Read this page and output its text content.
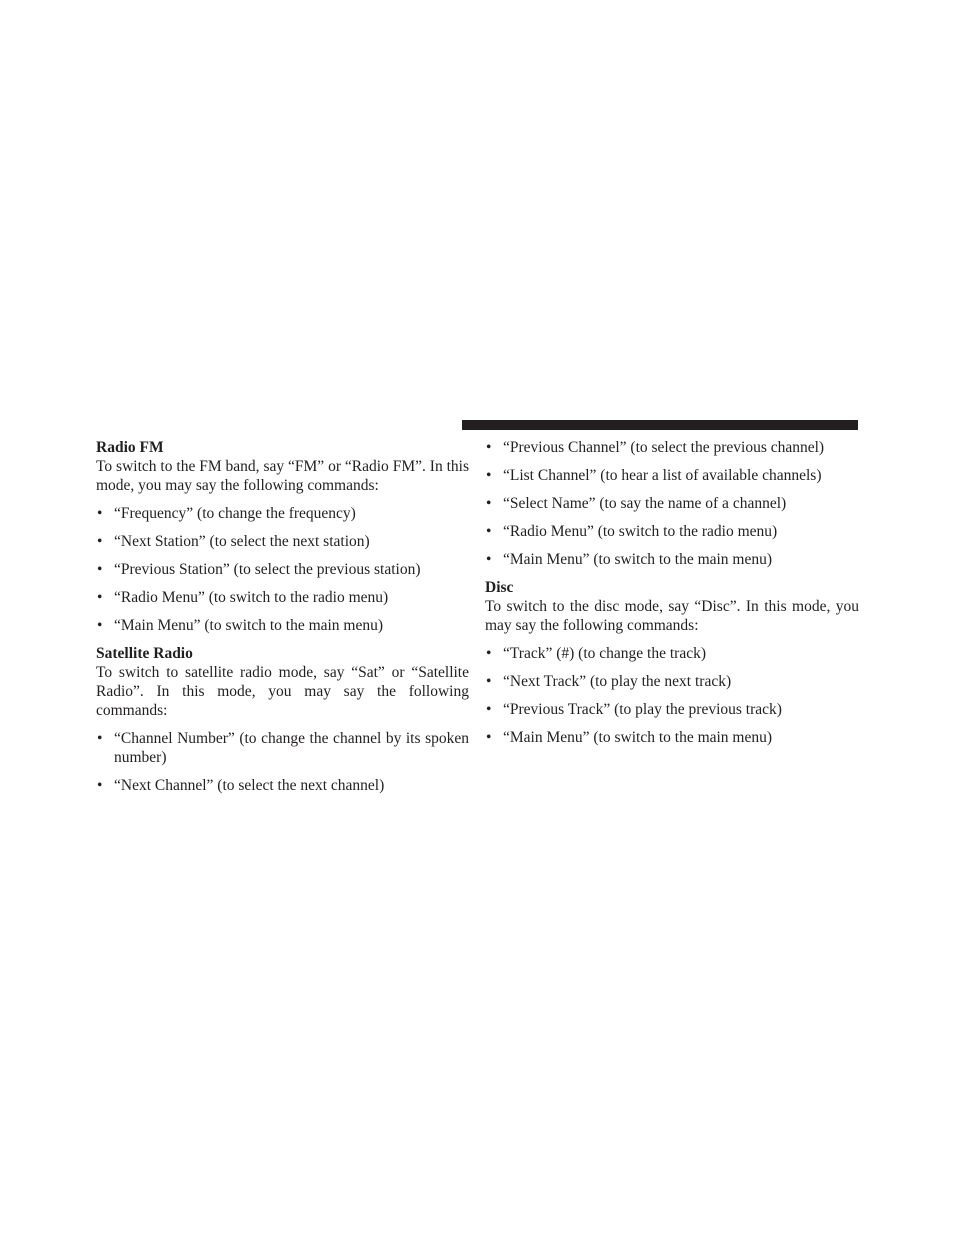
Radio FM

To switch to the FM band, say “FM” or “Radio FM”. In this mode, you may say the following commands:

• “Frequency” (to change the frequency)
• “Next Station” (to select the next station)
• “Previous Station” (to select the previous station)
• “Radio Menu” (to switch to the radio menu)
• “Main Menu” (to switch to the main menu)

Satellite Radio

To switch to satellite radio mode, say “Sat” or “Satellite Radio”. In this mode, you may say the following commands:

• “Channel Number” (to change the channel by its spoken number)
• “Next Channel” (to select the next channel)
• “Previous Channel” (to select the previous channel)
• “List Channel” (to hear a list of available channels)
• “Select Name” (to say the name of a channel)
• “Radio Menu” (to switch to the radio menu)
• “Main Menu” (to switch to the main menu)

Disc

To switch to the disc mode, say “Disc”. In this mode, you may say the following commands:

• “Track” (#) (to change the track)
• “Next Track” (to play the next track)
• “Previous Track” (to play the previous track)
• “Main Menu” (to switch to the main menu)
